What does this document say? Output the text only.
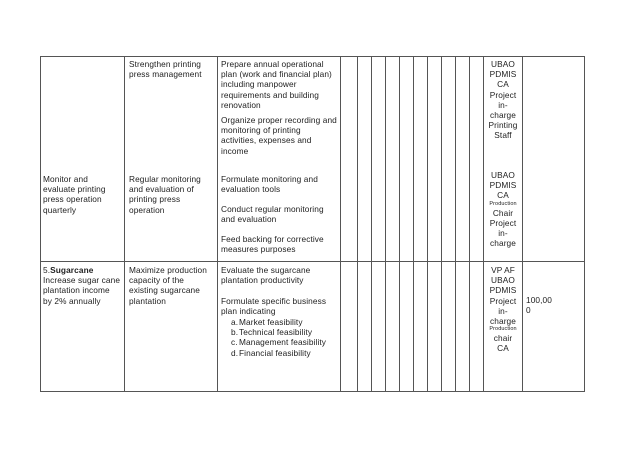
Monitor and evaluate printing press operation quarterly
Strengthen printing press management
Regular monitoring and evaluation of printing press operation
Prepare annual operational plan (work and financial plan) including manpower requirements and building renovation
Organize proper recording and monitoring of printing activities, expenses and income
Formulate monitoring and evaluation tools
Conduct regular monitoring and evaluation
Feed backing for corrective measures purposes
UBAO
PDMIS
CA
Project
in-
charge
Printing
Staff
UBAO
PDMIS
CA
Production
Chair
Project
in-
charge
5.Sugarcane
Increase sugar cane plantation income by 2% annually
Maximize production capacity of the existing sugarcane plantation
Evaluate the sugarcane plantation productivity
Formulate specific business plan indicating
a. Market feasibility
b. Technical feasibility
c. Management feasibility
d. Financial feasibility
VP AF
UBAO
PDMIS
Project
in-
charge
Production
chair
CA
100,00
0
